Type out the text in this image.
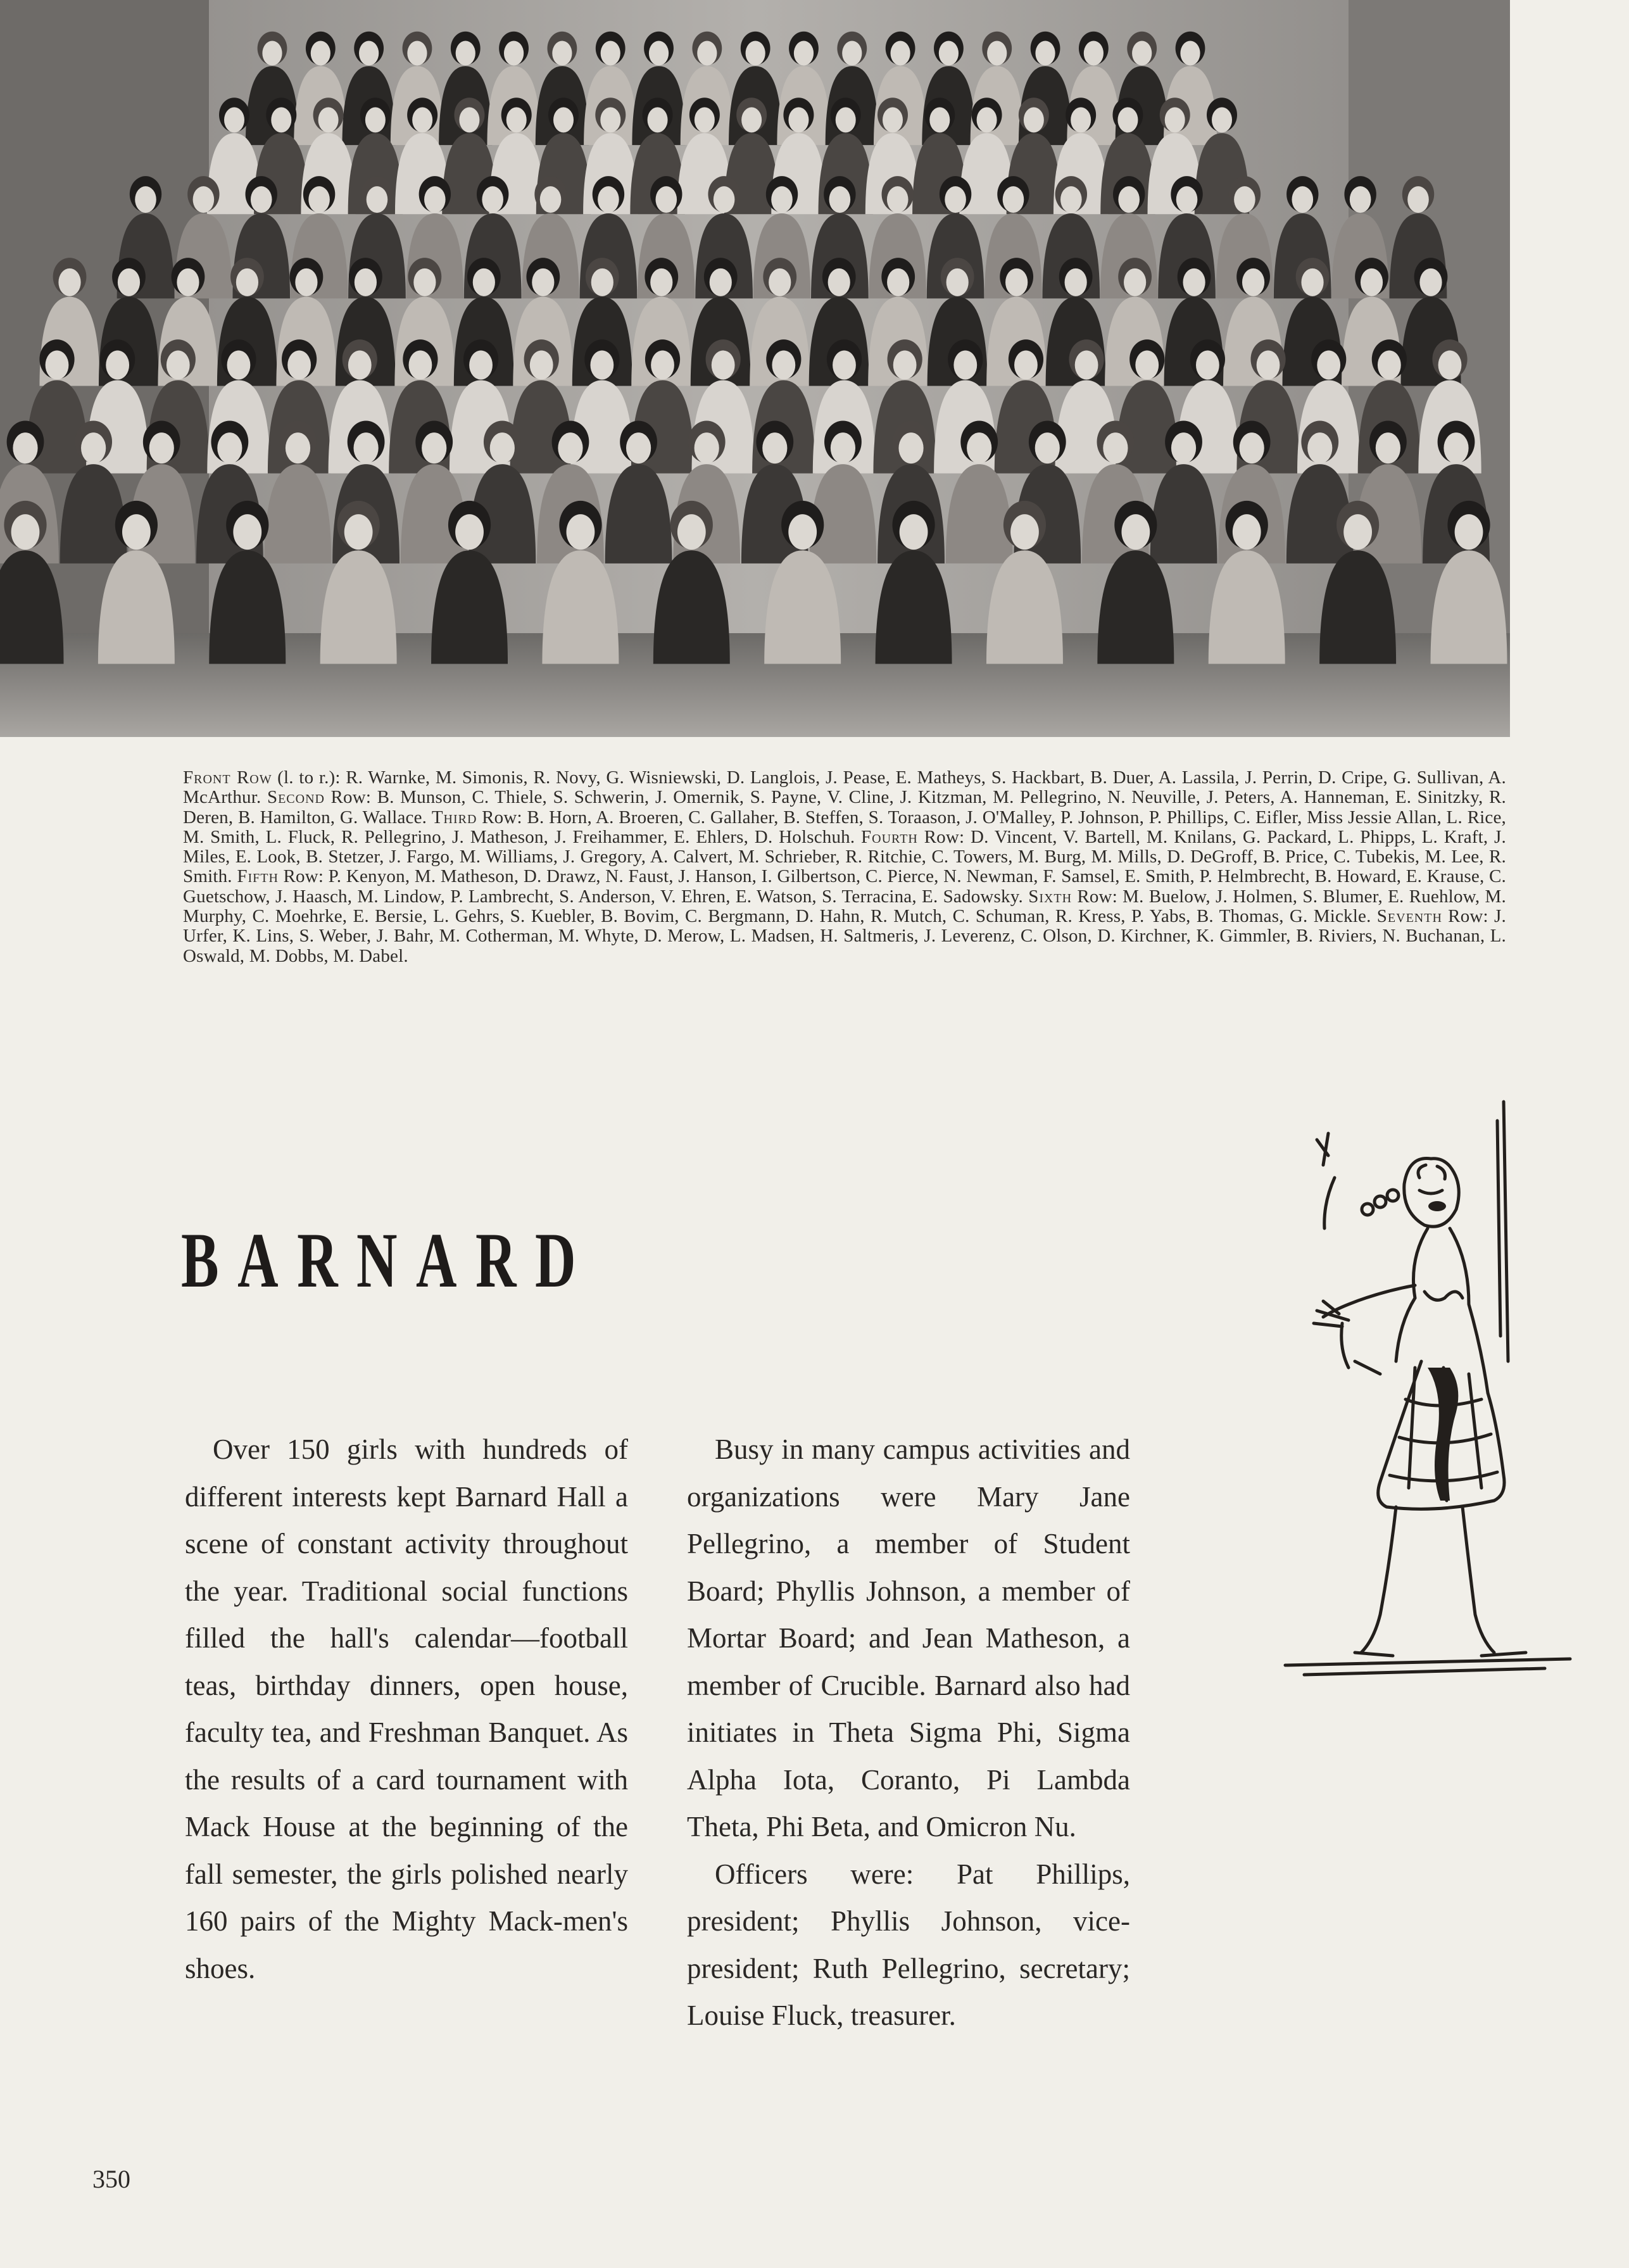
Front Row (l. to r.): R. Warnke, M. Simonis, R. Novy, G. Wisniewski, D. Langlois, J. Pease, E. Matheys, S. Hackbart, B. Duer, A. Lassila, J. Perrin, D. Cripe, G. Sullivan, A. McArthur. Second Row: B. Munson, C. Thiele, S. Schwerin, J. Omernik, S. Payne, V. Cline, J. Kitzman, M. Pellegrino, N. Neuville, J. Peters, A. Hanneman, E. Sinitzky, R. Deren, B. Hamilton, G. Wallace. Third Row: B. Horn, A. Broeren, C. Gallaher, B. Steffen, S. Toraason, J. O'Malley, P. Johnson, P. Phillips, C. Eifler, Miss Jessie Allan, L. Rice, M. Smith, L. Fluck, R. Pellegrino, J. Matheson, J. Freihammer, E. Ehlers, D. Holschuh. Fourth Row: D. Vincent, V. Bartell, M. Knilans, G. Packard, L. Phipps, L. Kraft, J. Miles, E. Look, B. Stetzer, J. Fargo, M. Williams, J. Gregory, A. Calvert, M. Schrieber, R. Ritchie, C. Towers, M. Burg, M. Mills, D. DeGroff, B. Price, C. Tubekis, M. Lee, R. Smith. Fifth Row: P. Kenyon, M. Matheson, D. Drawz, N. Faust, J. Hanson, I. Gilbertson, C. Pierce, N. Newman, F. Samsel, E. Smith, P. Helmbrecht, B. Howard, E. Krause, C. Guetschow, J. Haasch, M. Lindow, P. Lambrecht, S. Anderson, V. Ehren, E. Watson, S. Terracina, E. Sadowsky. Sixth Row: M. Buelow, J. Holmen, S. Blumer, E. Ruehlow, M. Murphy, C. Moehrke, E. Bersie, L. Gehrs, S. Kuebler, B. Bovim, C. Bergmann, D. Hahn, R. Mutch, C. Schuman, R. Kress, P. Yabs, B. Thomas, G. Mickle. Seventh Row: J. Urfer, K. Lins, S. Weber, J. Bahr, M. Cotherman, M. Whyte, D. Merow, L. Madsen, H. Saltmeris, J. Leverenz, C. Olson, D. Kirchner, K. Gimmler, B. Riviers, N. Buchanan, L. Oswald, M. Dobbs, M. Dabel.
BARNARD

Over 150 girls with hundreds of different interests kept Barnard Hall a scene of constant activity throughout the year. Traditional social functions filled the hall's calendar—football teas, birthday dinners, open house, faculty tea, and Freshman Banquet. As the results of a card tournament with Mack House at the beginning of the fall semester, the girls polished nearly 160 pairs of the Mighty Mack-men's shoes.

Busy in many campus activities and organizations were Mary Jane Pellegrino, a member of Student Board; Phyllis Johnson, a member of Mortar Board; and Jean Matheson, a member of Crucible. Barnard also had initiates in Theta Sigma Phi, Sigma Alpha Iota, Coranto, Pi Lambda Theta, Phi Beta, and Omicron Nu.

Officers were: Pat Phillips, president; Phyllis Johnson, vice-president; Ruth Pellegrino, secretary; Louise Fluck, treasurer.

350
